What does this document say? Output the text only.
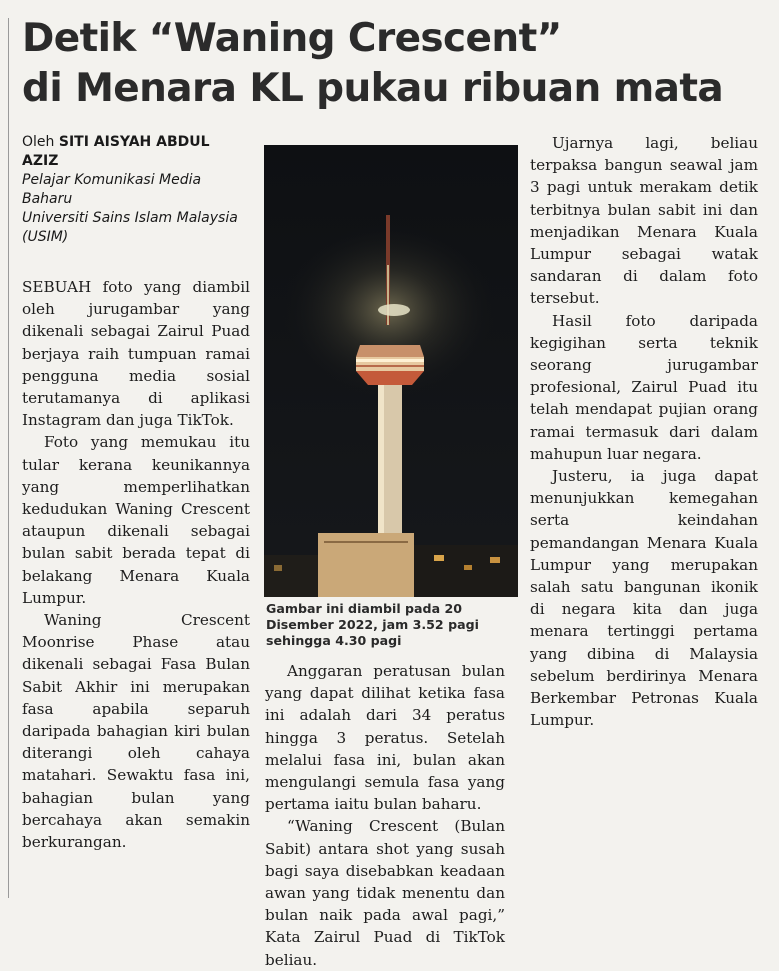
Detik “Waning Crescent”
di Menara KL pukau ribuan mata
Oleh SITI AISYAH ABDUL AZIZ
Pelajar Komunikasi Media Baharu
Universiti Sains Islam Malaysia (USIM)

SEBUAH foto yang diambil oleh jurugambar yang dikenali sebagai Zairul Puad berjaya raih tumpuan ramai pengguna media sosial terutamanya di aplikasi Instagram dan juga TikTok.

Foto yang memukau itu tular kerana keunikannya yang memperlihatkan kedudukan Waning Crescent ataupun dikenali sebagai bulan sabit berada tepat di belakang Menara Kuala Lumpur.

Waning Crescent Moonrise Phase atau dikenali sebagai Fasa Bulan Sabit Akhir ini merupakan fasa apabila separuh daripada bahagian kiri bulan diterangi oleh cahaya matahari. Sewaktu fasa ini, bahagian bulan yang bercahaya akan semakin berkurangan.

Gambar ini diambil pada 20 Disember 2022, jam 3.52 pagi sehingga 4.30 pagi

Anggaran peratusan bulan yang dapat dilihat ketika fasa ini adalah dari 34 peratus hingga 3 peratus. Setelah melalui fasa ini, bulan akan mengulangi semula fasa yang pertama iaitu bulan baharu.

“Waning Crescent (Bulan Sabit) antara shot yang susah bagi saya disebabkan keadaan awan yang tidak menentu dan bulan naik pada awal pagi,” Kata Zairul Puad di TikTok beliau.

Ujarnya lagi, beliau terpaksa bangun seawal jam 3 pagi untuk merakam detik terbitnya bulan sabit ini dan menjadikan Menara Kuala Lumpur sebagai watak sandaran di dalam foto tersebut.

Hasil foto daripada kegigihan serta teknik seorang jurugambar profesional, Zairul Puad itu telah mendapat pujian orang ramai termasuk dari dalam mahupun luar negara.

Justeru, ia juga dapat menunjukkan kemegahan serta keindahan pemandangan Menara Kuala Lumpur yang merupakan salah satu bangunan ikonik di negara kita dan juga menara tertinggi pertama yang dibina di Malaysia sebelum berdirinya Menara Berkembar Petronas Kuala Lumpur.
